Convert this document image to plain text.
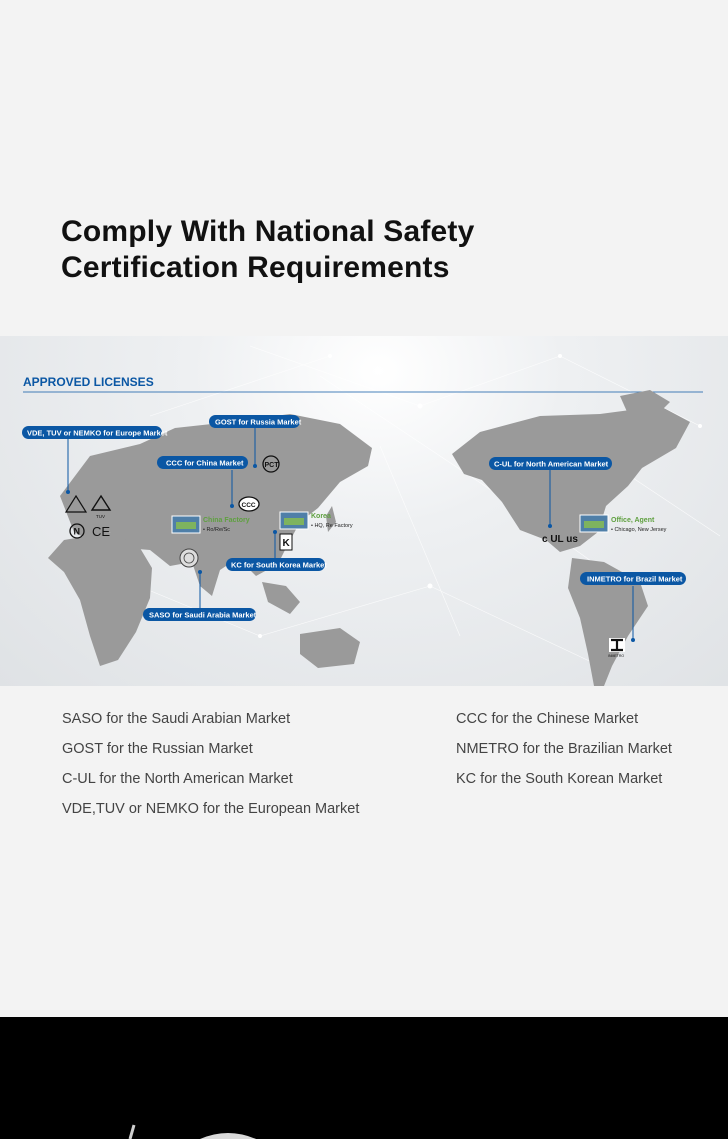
Comply With National Safety
Certification Requirements
APPROVED LICENSES
VDE, TUV or NEMKO for Europe Market
GOST for Russia Market
CCC for China Market
KC for South Korea Market
SASO for Saudi Arabia Market
C-UL for North American Market
INMETRO for Brazil Market
TUV
N CE
PCT
CCC
K	c UL us
INMETRO
China Factory
• Ro/Re/Sc
Korea
• HQ, Re Factory
Office, Agent
• Chicago, New Jersey
SASO for the Saudi Arabian Market
GOST for the Russian Market
C-UL for the North American Market
VDE,TUV or NEMKO for the European Market
CCC for the Chinese Market
NMETRO for the Brazilian Market
KC for the South Korean Market
